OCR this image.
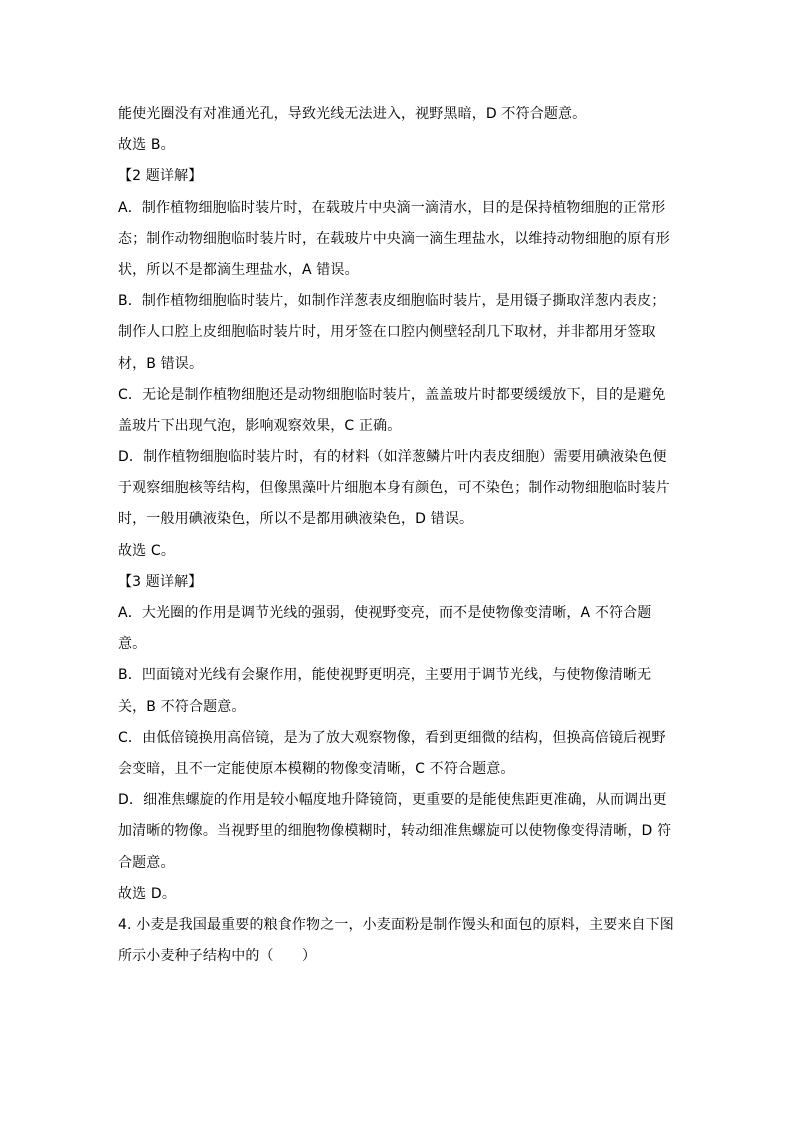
能使光圈没有对准通光孔，导致光线无法进入，视野黑暗，D 不符合题意。
故选 B。
【2 题详解】
A．制作植物细胞临时装片时，在载玻片中央滴一滴清水，目的是保持植物细胞的正常形
态；制作动物细胞临时装片时，在载玻片中央滴一滴生理盐水，以维持动物细胞的原有形
状，所以不是都滴生理盐水，A 错误。
B．制作植物细胞临时装片，如制作洋葱表皮细胞临时装片，是用镊子撕取洋葱内表皮；
制作人口腔上皮细胞临时装片时，用牙签在口腔内侧壁轻刮几下取材，并非都用牙签取
材，B 错误。
C．无论是制作植物细胞还是动物细胞临时装片，盖盖玻片时都要缓缓放下，目的是避免
盖玻片下出现气泡，影响观察效果，C 正确。
D．制作植物细胞临时装片时，有的材料（如洋葱鳞片叶内表皮细胞）需要用碘液染色便
于观察细胞核等结构，但像黑藻叶片细胞本身有颜色，可不染色；制作动物细胞临时装片
时，一般用碘液染色，所以不是都用碘液染色，D 错误。
故选 C。
【3 题详解】
A．大光圈的作用是调节光线的强弱，使视野变亮，而不是使物像变清晰，A 不符合题
意。
B．凹面镜对光线有会聚作用，能使视野更明亮，主要用于调节光线，与使物像清晰无
关，B 不符合题意。
C．由低倍镜换用高倍镜，是为了放大观察物像，看到更细微的结构，但换高倍镜后视野
会变暗，且不一定能使原本模糊的物像变清晰，C 不符合题意。
D．细准焦螺旋的作用是较小幅度地升降镜筒，更重要的是能使焦距更准确，从而调出更
加清晰的物像。当视野里的细胞物像模糊时，转动细准焦螺旋可以使物像变得清晰，D 符
合题意。
故选 D。
4. 小麦是我国最重要的粮食作物之一，小麦面粉是制作馒头和面包的原料，主要来自下图
所示小麦种子结构中的（　　）
